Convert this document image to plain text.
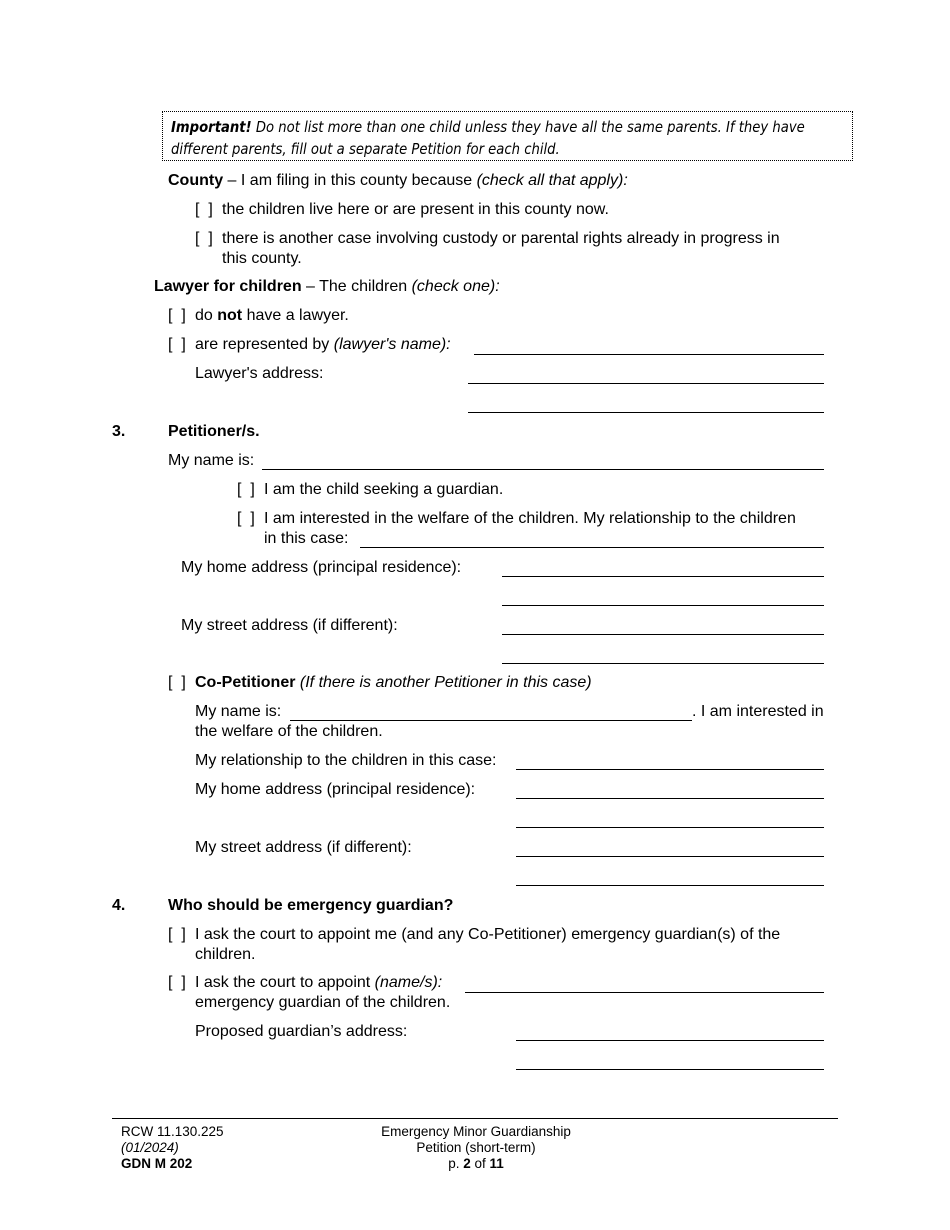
Important! Do not list more than one child unless they have all the same parents. If they have different parents, fill out a separate Petition for each child.
County – I am filing in this county because (check all that apply):
[  ] the children live here or are present in this county now.
[  ] there is another case involving custody or parental rights already in progress in
this county.
Lawyer for children – The children (check one):
[  ] do not have a lawyer.
[  ] are represented by (lawyer's name):
Lawyer's address:
3.	Petitioner/s.
My name is:
[  ] I am the child seeking a guardian.
[  ] I am interested in the welfare of the children. My relationship to the children
in this case:
My home address (principal residence):
My street address (if different):
[  ] Co-Petitioner (If there is another Petitioner in this case)
My name is:	. I am interested in
the welfare of the children.
My relationship to the children in this case:
My home address (principal residence):
My street address (if different):
4.	Who should be emergency guardian?
[  ] I ask the court to appoint me (and any Co-Petitioner) emergency guardian(s) of the
children.
[  ] I ask the court to appoint (name/s):
emergency guardian of the children.
Proposed guardian’s address:
RCW 11.130.225
(01/2024)
GDN M 202
Emergency Minor Guardianship
Petition (short-term)
p. 2 of 11
